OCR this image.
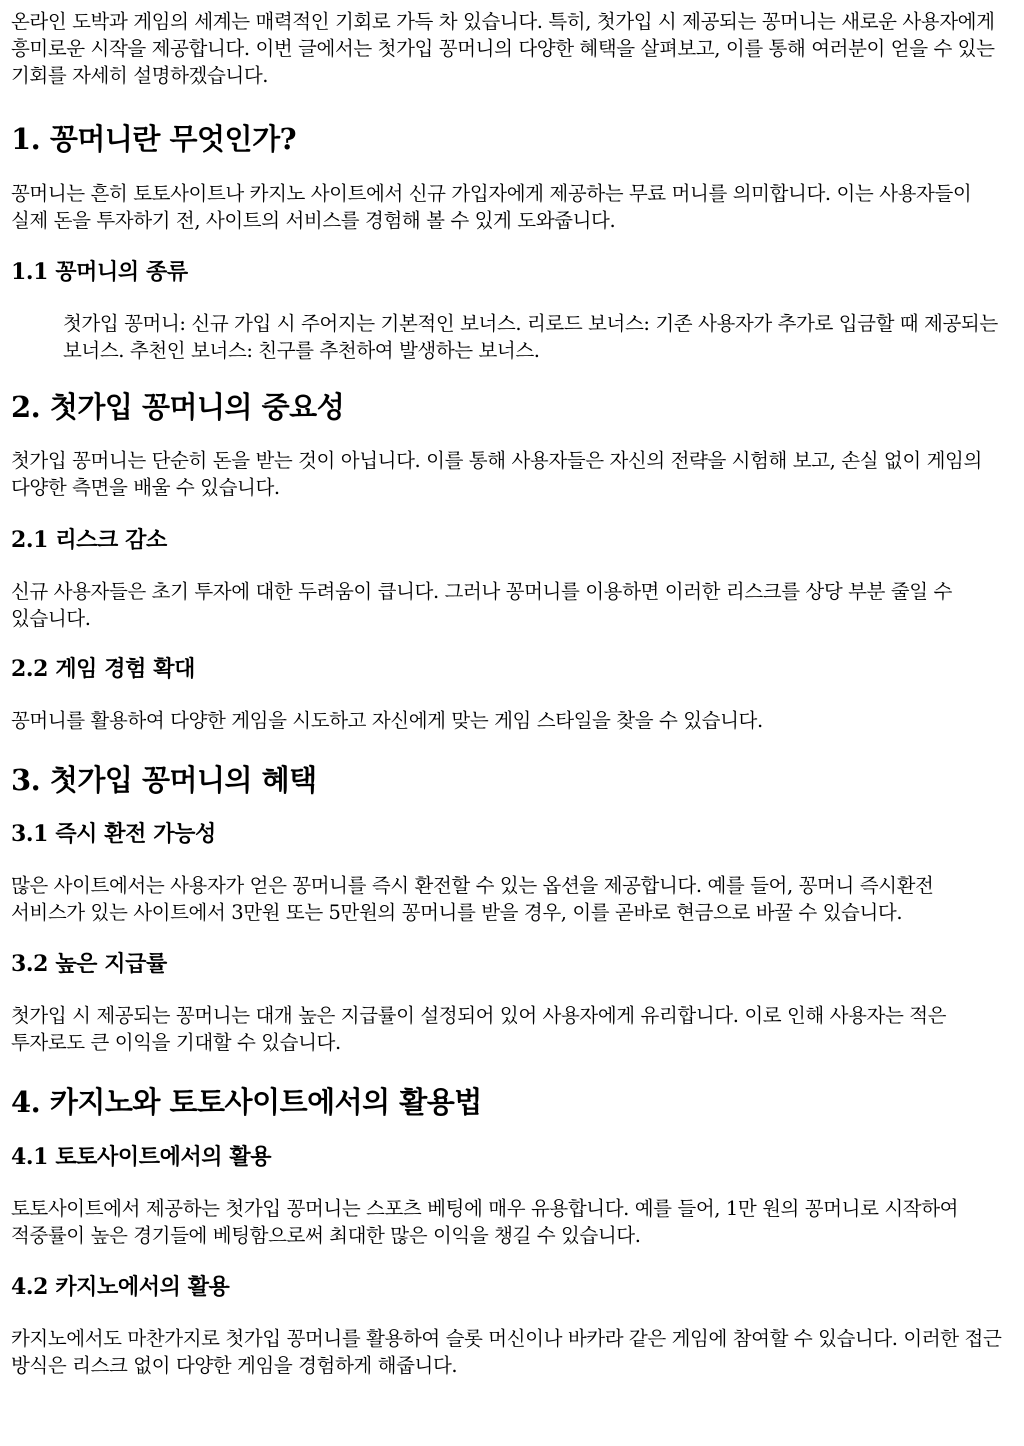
온라인 도박과 게임의 세계는 매력적인 기회로 가득 차 있습니다. 특히, 첫가입 시 제공되는 꽁머니는 새로운 사용자에게 흥미로운 시작을 제공합니다. 이번 글에서는 첫가입 꽁머니의 다양한 혜택을 살펴보고, 이를 통해 여러분이 얻을 수 있는 기회를 자세히 설명하겠습니다.

1. 꽁머니란 무엇인가?

꽁머니는 흔히 토토사이트나 카지노 사이트에서 신규 가입자에게 제공하는 무료 머니를 의미합니다. 이는 사용자들이 실제 돈을 투자하기 전, 사이트의 서비스를 경험해 볼 수 있게 도와줍니다.

1.1 꽁머니의 종류

첫가입 꽁머니: 신규 가입 시 주어지는 기본적인 보너스. 리로드 보너스: 기존 사용자가 추가로 입금할 때 제공되는 보너스. 추천인 보너스: 친구를 추천하여 발생하는 보너스.

2. 첫가입 꽁머니의 중요성

첫가입 꽁머니는 단순히 돈을 받는 것이 아닙니다. 이를 통해 사용자들은 자신의 전략을 시험해 보고, 손실 없이 게임의 다양한 측면을 배울 수 있습니다.

2.1 리스크 감소

신규 사용자들은 초기 투자에 대한 두려움이 큽니다. 그러나 꽁머니를 이용하면 이러한 리스크를 상당 부분 줄일 수 있습니다.

2.2 게임 경험 확대

꽁머니를 활용하여 다양한 게임을 시도하고 자신에게 맞는 게임 스타일을 찾을 수 있습니다.

3. 첫가입 꽁머니의 혜택
3.1 즉시 환전 가능성

많은 사이트에서는 사용자가 얻은 꽁머니를 즉시 환전할 수 있는 옵션을 제공합니다. 예를 들어, 꽁머니 즉시환전 서비스가 있는 사이트에서 3만원 또는 5만원의 꽁머니를 받을 경우, 이를 곧바로 현금으로 바꿀 수 있습니다.

3.2 높은 지급률

첫가입 시 제공되는 꽁머니는 대개 높은 지급률이 설정되어 있어 사용자에게 유리합니다. 이로 인해 사용자는 적은 투자로도 큰 이익을 기대할 수 있습니다.

4. 카지노와 토토사이트에서의 활용법
4.1 토토사이트에서의 활용

토토사이트에서 제공하는 첫가입 꽁머니는 스포츠 베팅에 매우 유용합니다. 예를 들어, 1만 원의 꽁머니로 시작하여 적중률이 높은 경기들에 베팅함으로써 최대한 많은 이익을 챙길 수 있습니다.

4.2 카지노에서의 활용

카지노에서도 마찬가지로 첫가입 꽁머니를 활용하여 슬롯 머신이나 바카라 같은 게임에 참여할 수 있습니다. 이러한 접근 방식은 리스크 없이 다양한 게임을 경험하게 해줍니다.
